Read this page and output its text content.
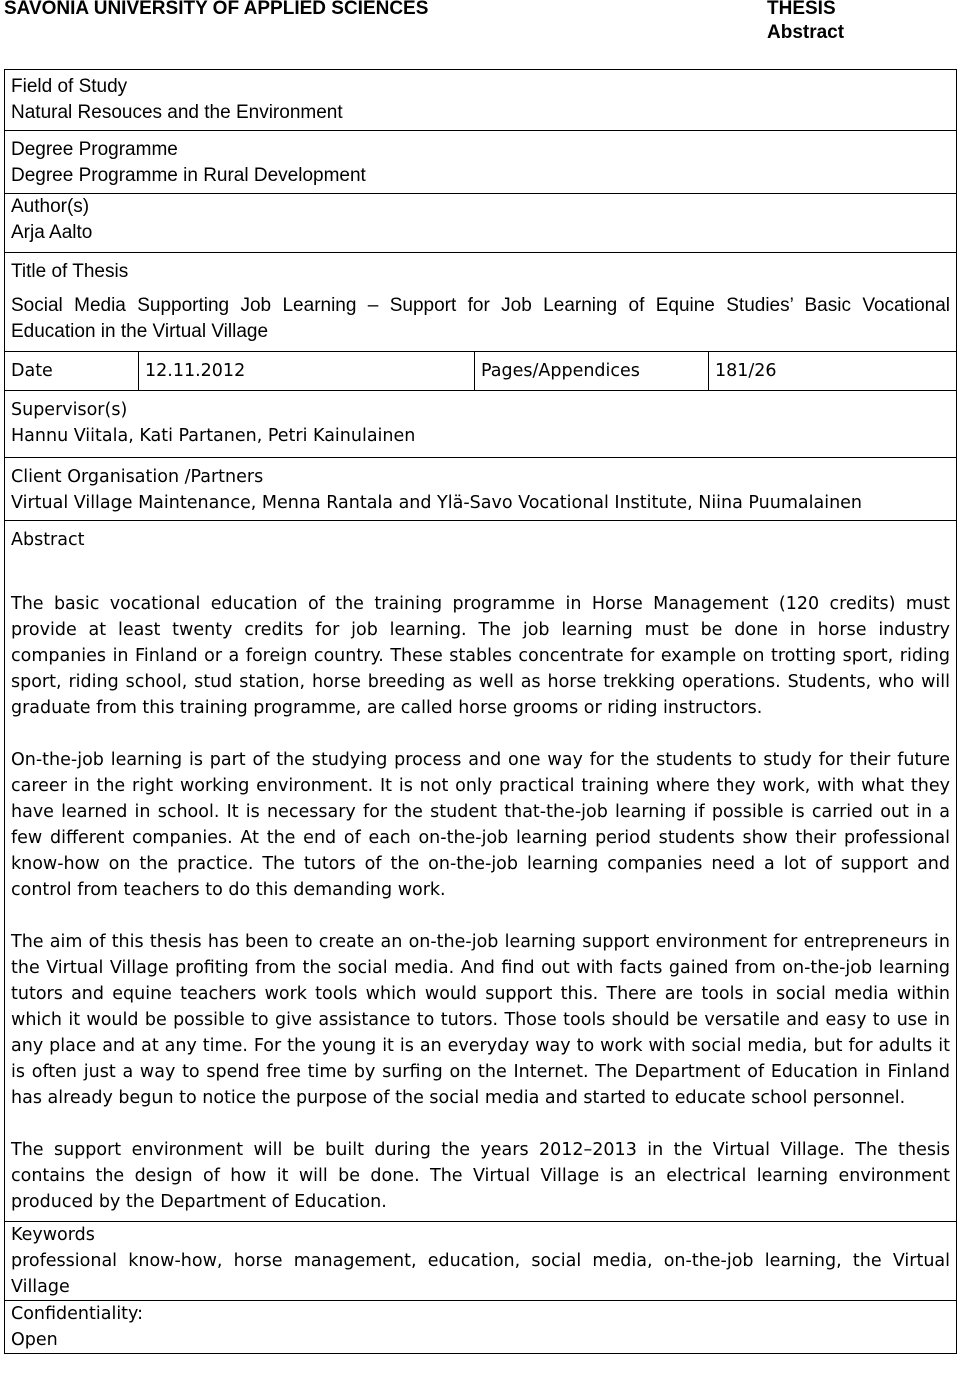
SAVONIA UNIVERSITY OF APPLIED SCIENCES	THESIS
Abstract

Field of Study

Natural Resouces and the Environment

Degree Programme

Degree Programme in Rural Development

Author(s)

Arja Aalto

Title of Thesis

Social Media Supporting Job Learning – Support for Job Learning of Equine Studies’ Basic Vocational Education in the Virtual Village

Date	12.11.2012	Pages/Appendices	181/26

Supervisor(s)

Hannu Viitala, Kati Partanen, Petri Kainulainen

Client Organisation /Partners

Virtual Village Maintenance, Menna Rantala and Ylä-Savo Vocational Institute, Niina Puumalainen

Abstract

The basic vocational education of the training programme in Horse Management (120 credits) must provide at least twenty credits for job learning. The job learning must be done in horse industry companies in Finland or a foreign country. These stables concentrate for example on trotting sport, riding sport, riding school, stud station, horse breeding as well as horse trekking operations. Students, who will graduate from this training programme, are called horse grooms or riding instructors.

On-the-job learning is part of the studying process and one way for the students to study for their future career in the right working environment. It is not only practical training where they work, with what they have learned in school. It is necessary for the student that-the-job learning if possible is carried out in a few different companies. At the end of each on-the-job learning period students show their professional know-how on the practice. The tutors of the on-the-job learning companies need a lot of support and control from teachers to do this demanding work.

The aim of this thesis has been to create an on-the-job learning support environment for entrepreneurs in the Virtual Village profiting from the social media. And find out with facts gained from on-the-job learning tutors and equine teachers work tools which would support this. There are tools in social media within which it would be possible to give assistance to tutors. Those tools should be versatile and easy to use in any place and at any time. For the young it is an everyday way to work with social media, but for adults it is often just a way to spend free time by surfing on the Internet. The Department of Education in Finland has already begun to notice the purpose of the social media and started to educate school personnel.

The support environment will be built during the years 2012–2013 in the Virtual Village. The thesis contains the design of how it will be done. The Virtual Village is an electrical learning environment produced by the Department of Education.

Keywords

professional know-how, horse management, education, social media, on-the-job learning, the Virtual Village

Confidentiality:

Open
